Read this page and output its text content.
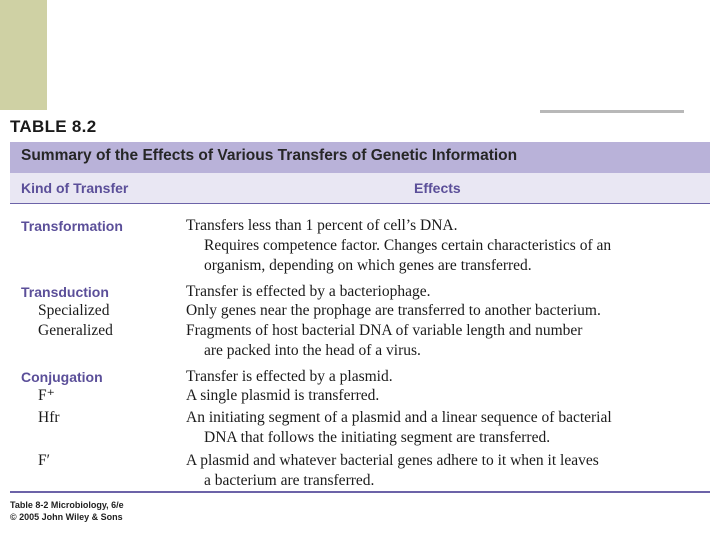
TABLE 8.2
Summary of the Effects of Various Transfers of Genetic Information
Kind of Transfer	Effects
Transformation	Transfers less than 1 percent of cell’s DNA.
Requires competence factor. Changes certain characteristics of an
organism, depending on which genes are transferred.
Transduction
Specialized
Generalized
Transfer is effected by a bacteriophage.
Only genes near the prophage are transferred to another bacterium.
Fragments of host bacterial DNA of variable length and number
are packed into the head of a virus.
Conjugation
F⁺
Hfr
F′
Transfer is effected by a plasmid.
A single plasmid is transferred.
An initiating segment of a plasmid and a linear sequence of bacterial
DNA that follows the initiating segment are transferred.
A plasmid and whatever bacterial genes adhere to it when it leaves
a bacterium are transferred.
Table 8-2 Microbiology, 6/e
© 2005 John Wiley & Sons
